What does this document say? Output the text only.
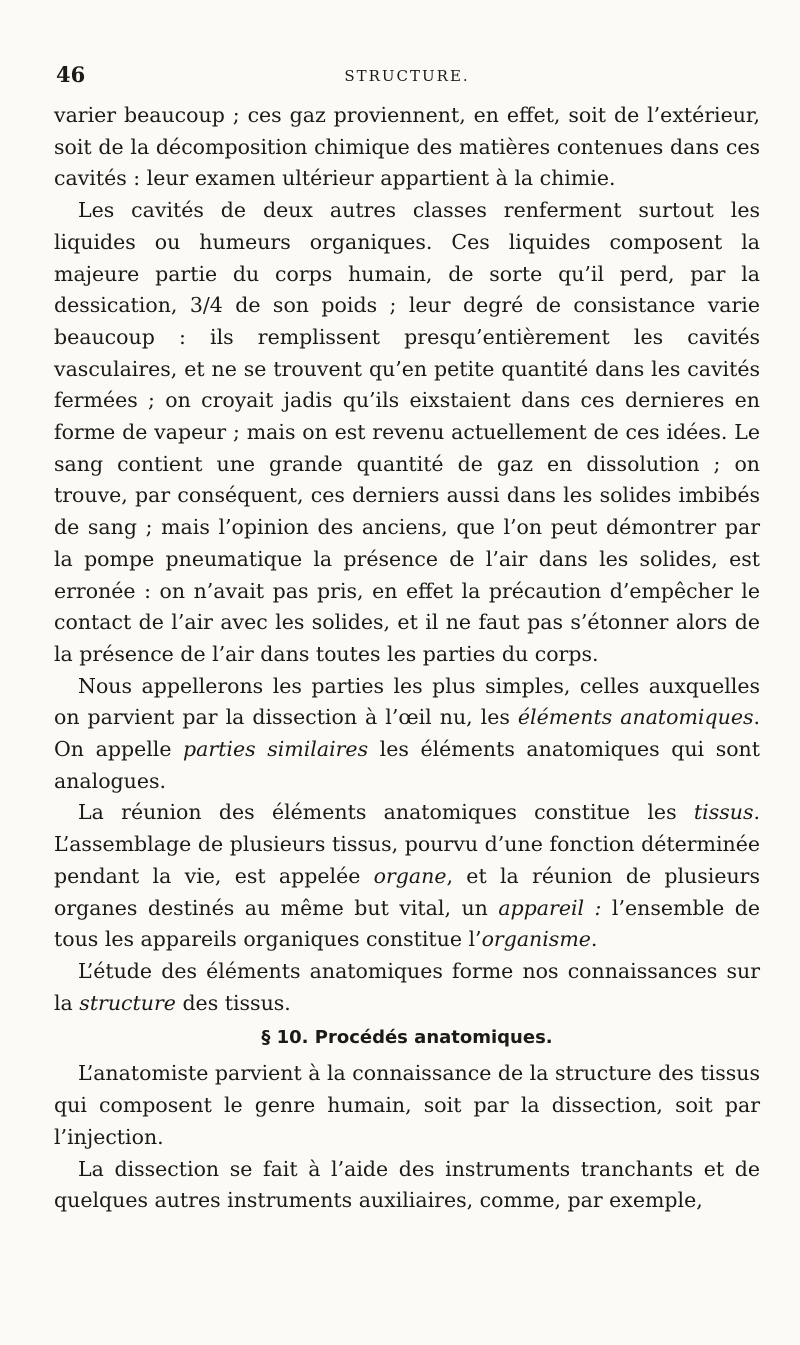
46	STRUCTURE.

varier beaucoup ; ces gaz proviennent, en effet, soit de l’extérieur, soit de la décomposition chimique des matières contenues dans ces cavités : leur examen ultérieur appartient à la chimie.

Les cavités de deux autres classes renferment surtout les liquides ou humeurs organiques. Ces liquides composent la majeure partie du corps humain, de sorte qu’il perd, par la dessication, 3/4 de son poids ; leur degré de consistance varie beaucoup : ils remplissent presqu’entièrement les cavités vasculaires, et ne se trouvent qu’en petite quantité dans les cavités fermées ; on croyait jadis qu’ils eixstaient dans ces dernieres en forme de vapeur ; mais on est revenu actuellement de ces idées. Le sang contient une grande quantité de gaz en dissolution ; on trouve, par conséquent, ces derniers aussi dans les solides imbibés de sang ; mais l’opinion des anciens, que l’on peut démontrer par la pompe pneumatique la présence de l’air dans les solides, est erronée : on n’avait pas pris, en effet la précaution d’empêcher le contact de l’air avec les solides, et il ne faut pas s’étonner alors de la présence de l’air dans toutes les parties du corps.

Nous appellerons les parties les plus simples, celles auxquelles on parvient par la dissection à l’œil nu, les éléments anatomiques. On appelle parties similaires les éléments anatomiques qui sont analogues.

La réunion des éléments anatomiques constitue les tissus. L’assemblage de plusieurs tissus, pourvu d’une fonction déterminée pendant la vie, est appelée organe, et la réunion de plusieurs organes destinés au même but vital, un appareil : l’ensemble de tous les appareils organiques constitue l’organisme.

L’étude des éléments anatomiques forme nos connaissances sur la structure des tissus.

§ 10. Procédés anatomiques.

L’anatomiste parvient à la connaissance de la structure des tissus qui composent le genre humain, soit par la dissection, soit par l’injection.

La dissection se fait à l’aide des instruments tranchants et de quelques autres instruments auxiliaires, comme, par exemple,
